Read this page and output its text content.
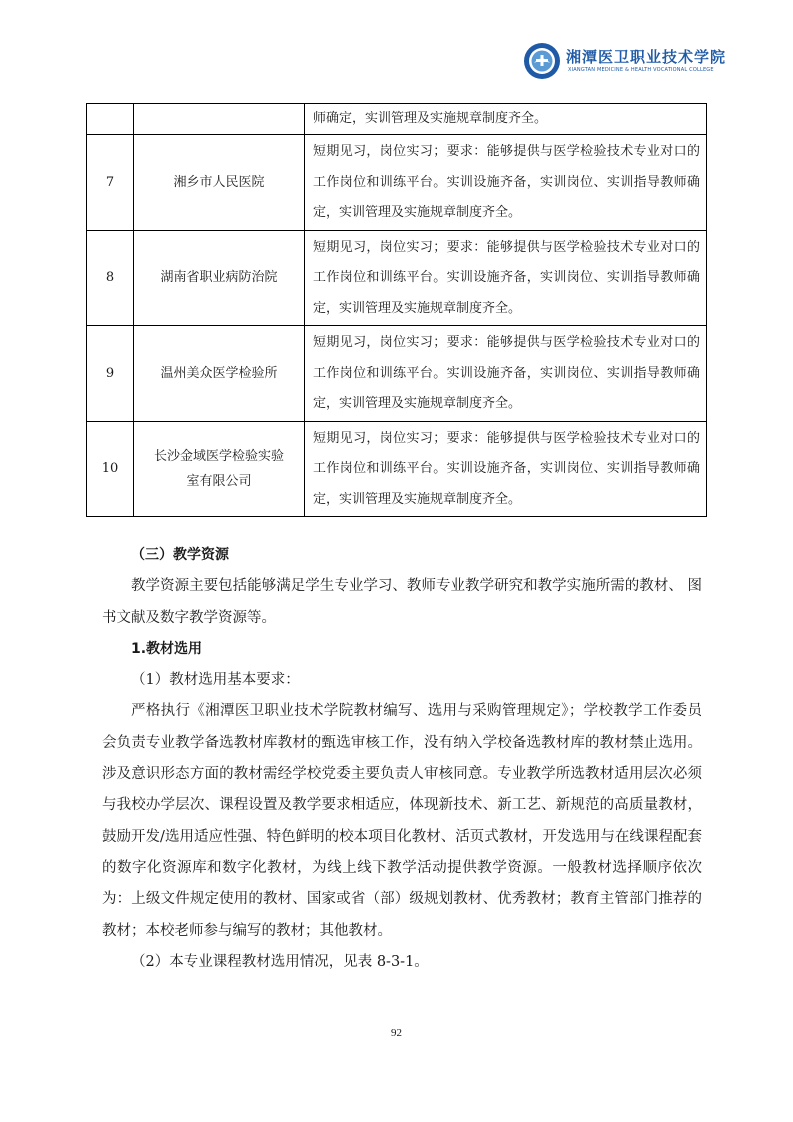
湘潭医卫职业技术学院
XIANGTAN MEDICINE & HEALTH VOCATIONAL COLLEGE
		师确定，实训管理及实施规章制度齐全。
7	湘乡市人民医院	短期见习，岗位实习；要求：能够提供与医学检验技术专业对口的工作岗位和训练平台。实训设施齐备，实训岗位、实训指导教师确定，实训管理及实施规章制度齐全。
8	湖南省职业病防治院	短期见习，岗位实习；要求：能够提供与医学检验技术专业对口的工作岗位和训练平台。实训设施齐备，实训岗位、实训指导教师确定，实训管理及实施规章制度齐全。
9	温州美众医学检验所	短期见习，岗位实习；要求：能够提供与医学检验技术专业对口的工作岗位和训练平台。实训设施齐备，实训岗位、实训指导教师确定，实训管理及实施规章制度齐全。
10	长沙金域医学检验实验室有限公司	短期见习，岗位实习；要求：能够提供与医学检验技术专业对口的工作岗位和训练平台。实训设施齐备，实训岗位、实训指导教师确定，实训管理及实施规章制度齐全。

（三）教学资源

教学资源主要包括能够满足学生专业学习、教师专业教学研究和教学实施所需的教材、 图书文献及数字教学资源等。

1.教材选用

（1）教材选用基本要求：

严格执行《湘潭医卫职业技术学院教材编写、选用与采购管理规定》；学校教学工作委员会负责专业教学备选教材库教材的甄选审核工作，没有纳入学校备选教材库的教材禁止选用。涉及意识形态方面的教材需经学校党委主要负责人审核同意。专业教学所选教材适用层次必须与我校办学层次、课程设置及教学要求相适应，体现新技术、新工艺、新规范的高质量教材，鼓励开发/选用适应性强、特色鲜明的校本项目化教材、活页式教材，开发选用与在线课程配套的数字化资源库和数字化教材，为线上线下教学活动提供教学资源。一般教材选择顺序依次为：上级文件规定使用的教材、国家或省（部）级规划教材、优秀教材；教育主管部门推荐的教材；本校老师参与编写的教材；其他教材。

（2）本专业课程教材选用情况，见表 8-3-1。

92
